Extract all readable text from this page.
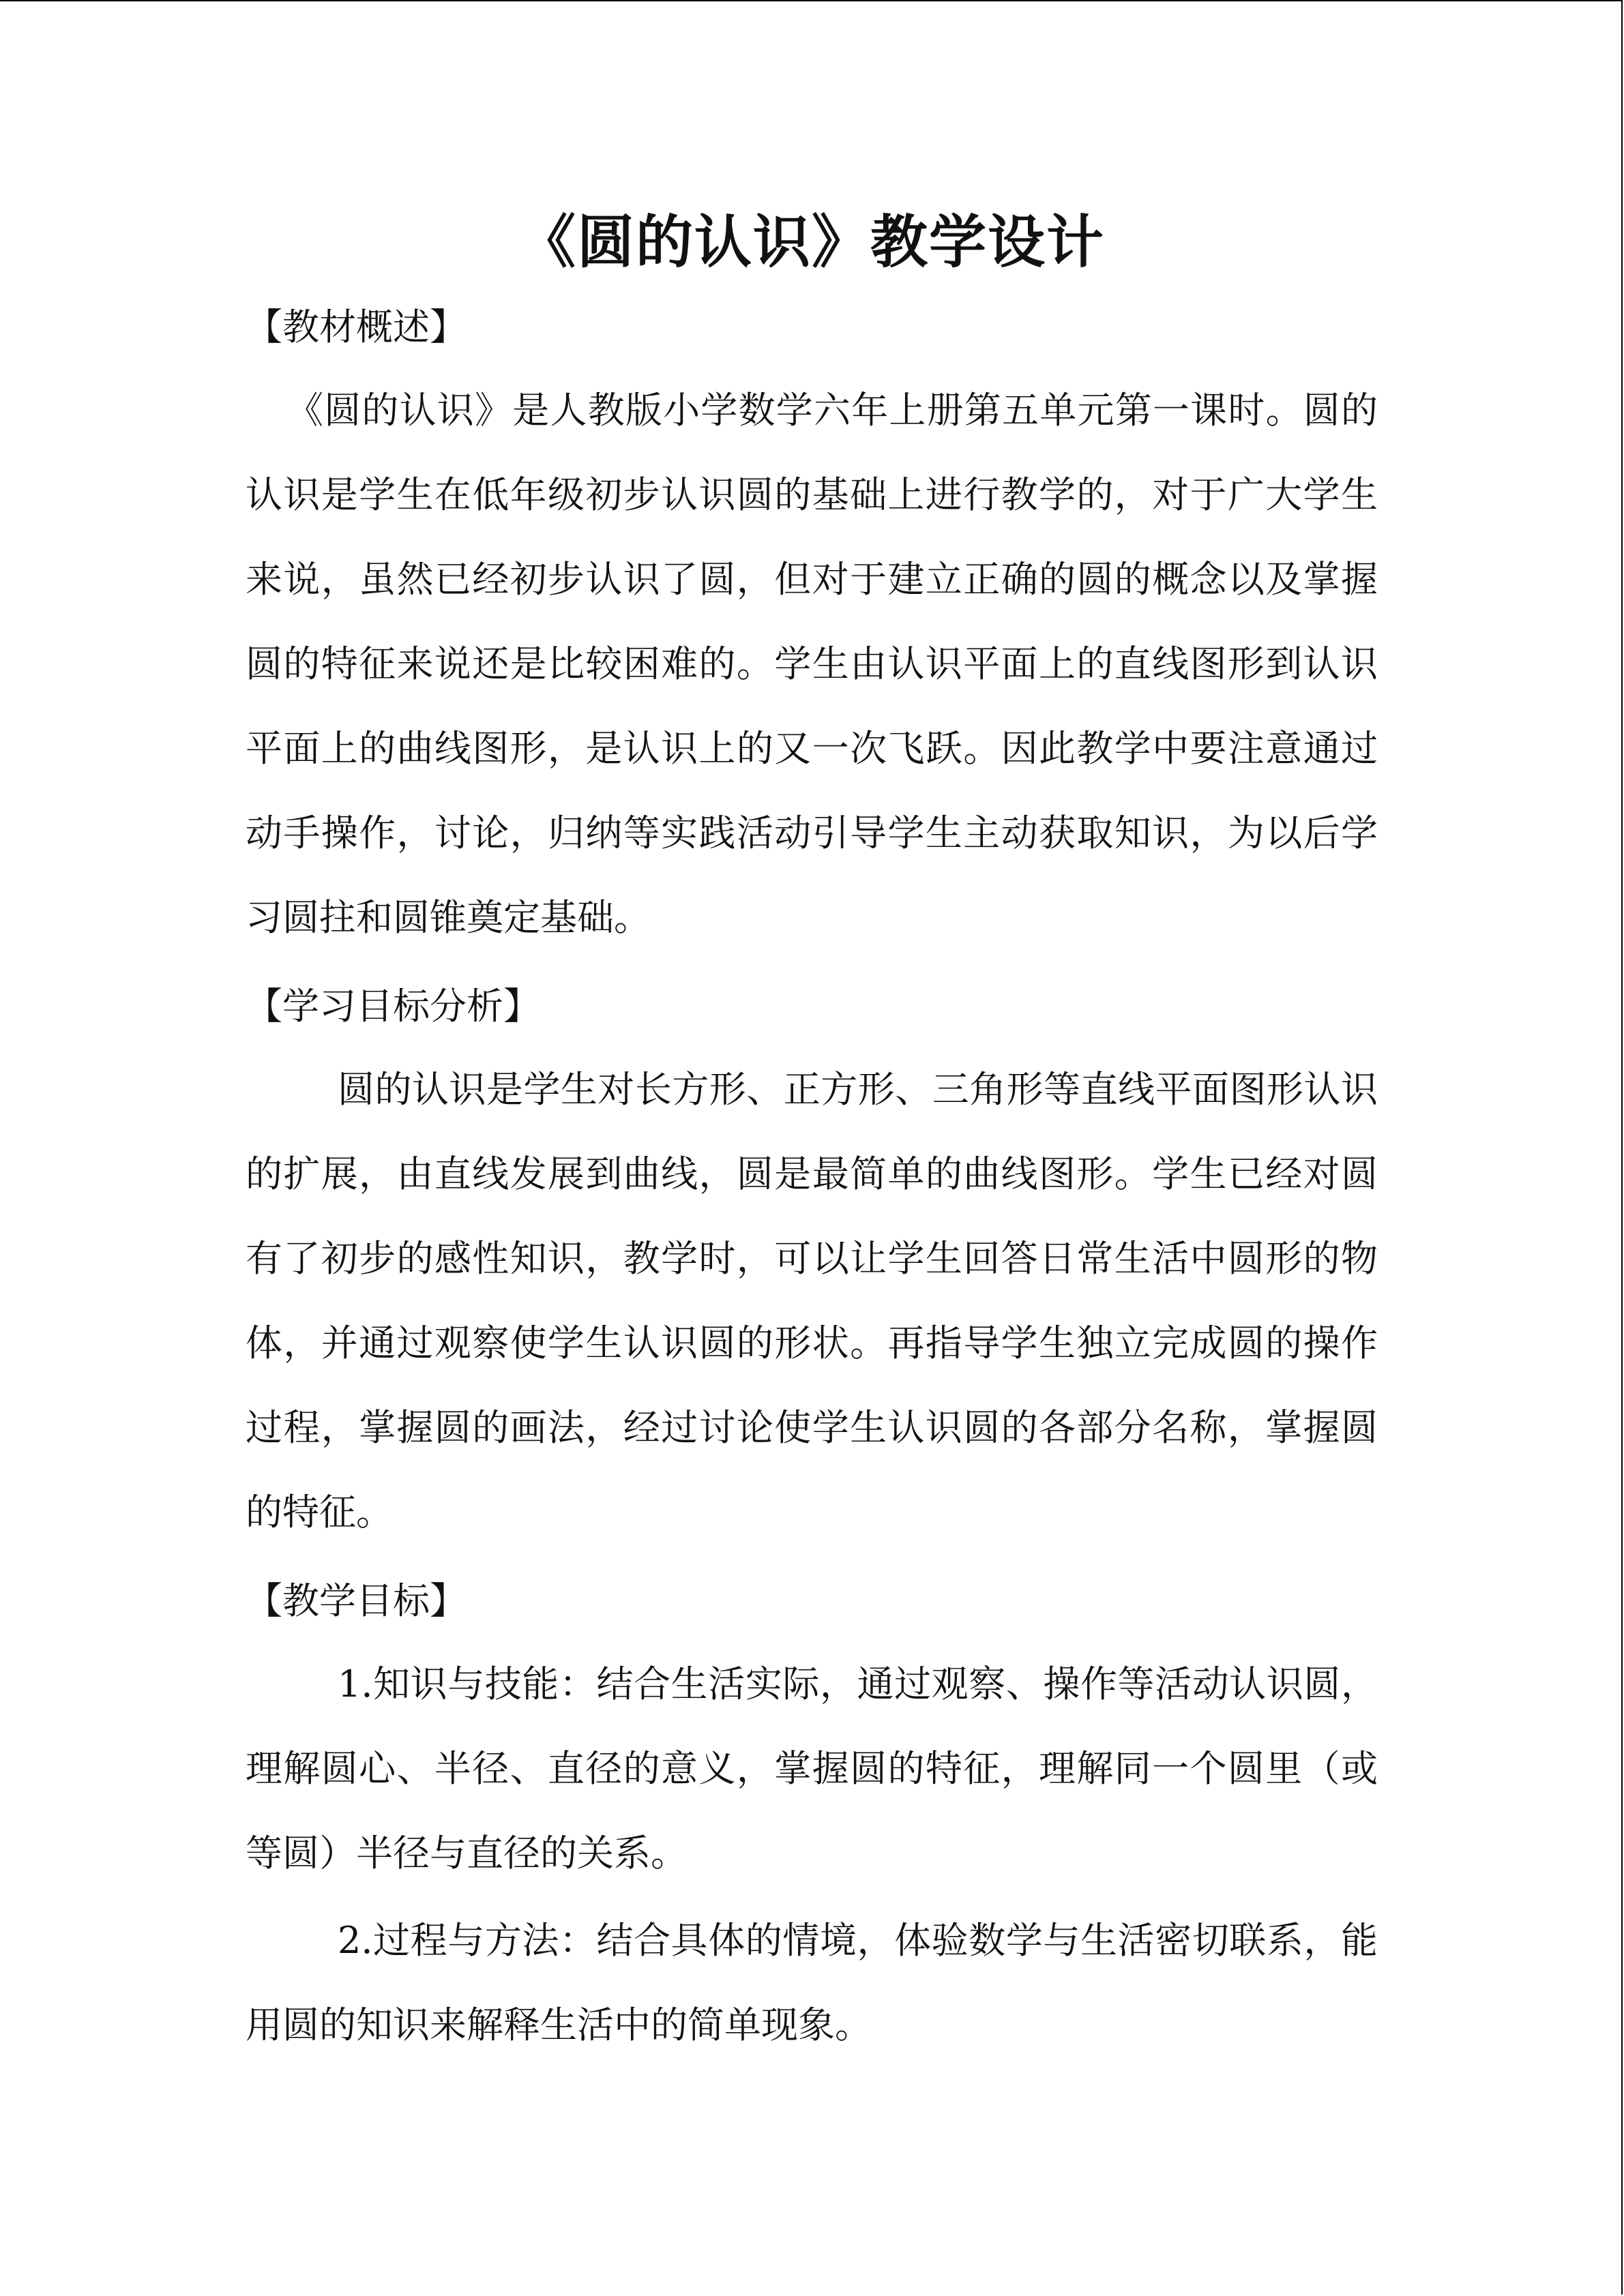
《圆的认识》教学设计
【教材概述】
《圆的认识》是人教版小学数学六年上册第五单元第一课时。圆的认识是学生在低年级初步认识圆的基础上进行教学的，对于广大学生来说，虽然已经初步认识了圆，但对于建立正确的圆的概念以及掌握圆的特征来说还是比较困难的。学生由认识平面上的直线图形到认识平面上的曲线图形，是认识上的又一次飞跃。因此教学中要注意通过动手操作，讨论，归纳等实践活动引导学生主动获取知识，为以后学习圆拄和圆锥奠定基础。
【学习目标分析】
圆的认识是学生对长方形、正方形、三角形等直线平面图形认识的扩展，由直线发展到曲线，圆是最简单的曲线图形。学生已经对圆有了初步的感性知识，教学时，可以让学生回答日常生活中圆形的物体，并通过观察使学生认识圆的形状。再指导学生独立完成圆的操作过程，掌握圆的画法，经过讨论使学生认识圆的各部分名称，掌握圆的特征。
【教学目标】
1.知识与技能：结合生活实际，通过观察、操作等活动认识圆，理解圆心、半径、直径的意义，掌握圆的特征，理解同一个圆里（或等圆）半径与直径的关系。
2.过程与方法：结合具体的情境，体验数学与生活密切联系，能用圆的知识来解释生活中的简单现象。
